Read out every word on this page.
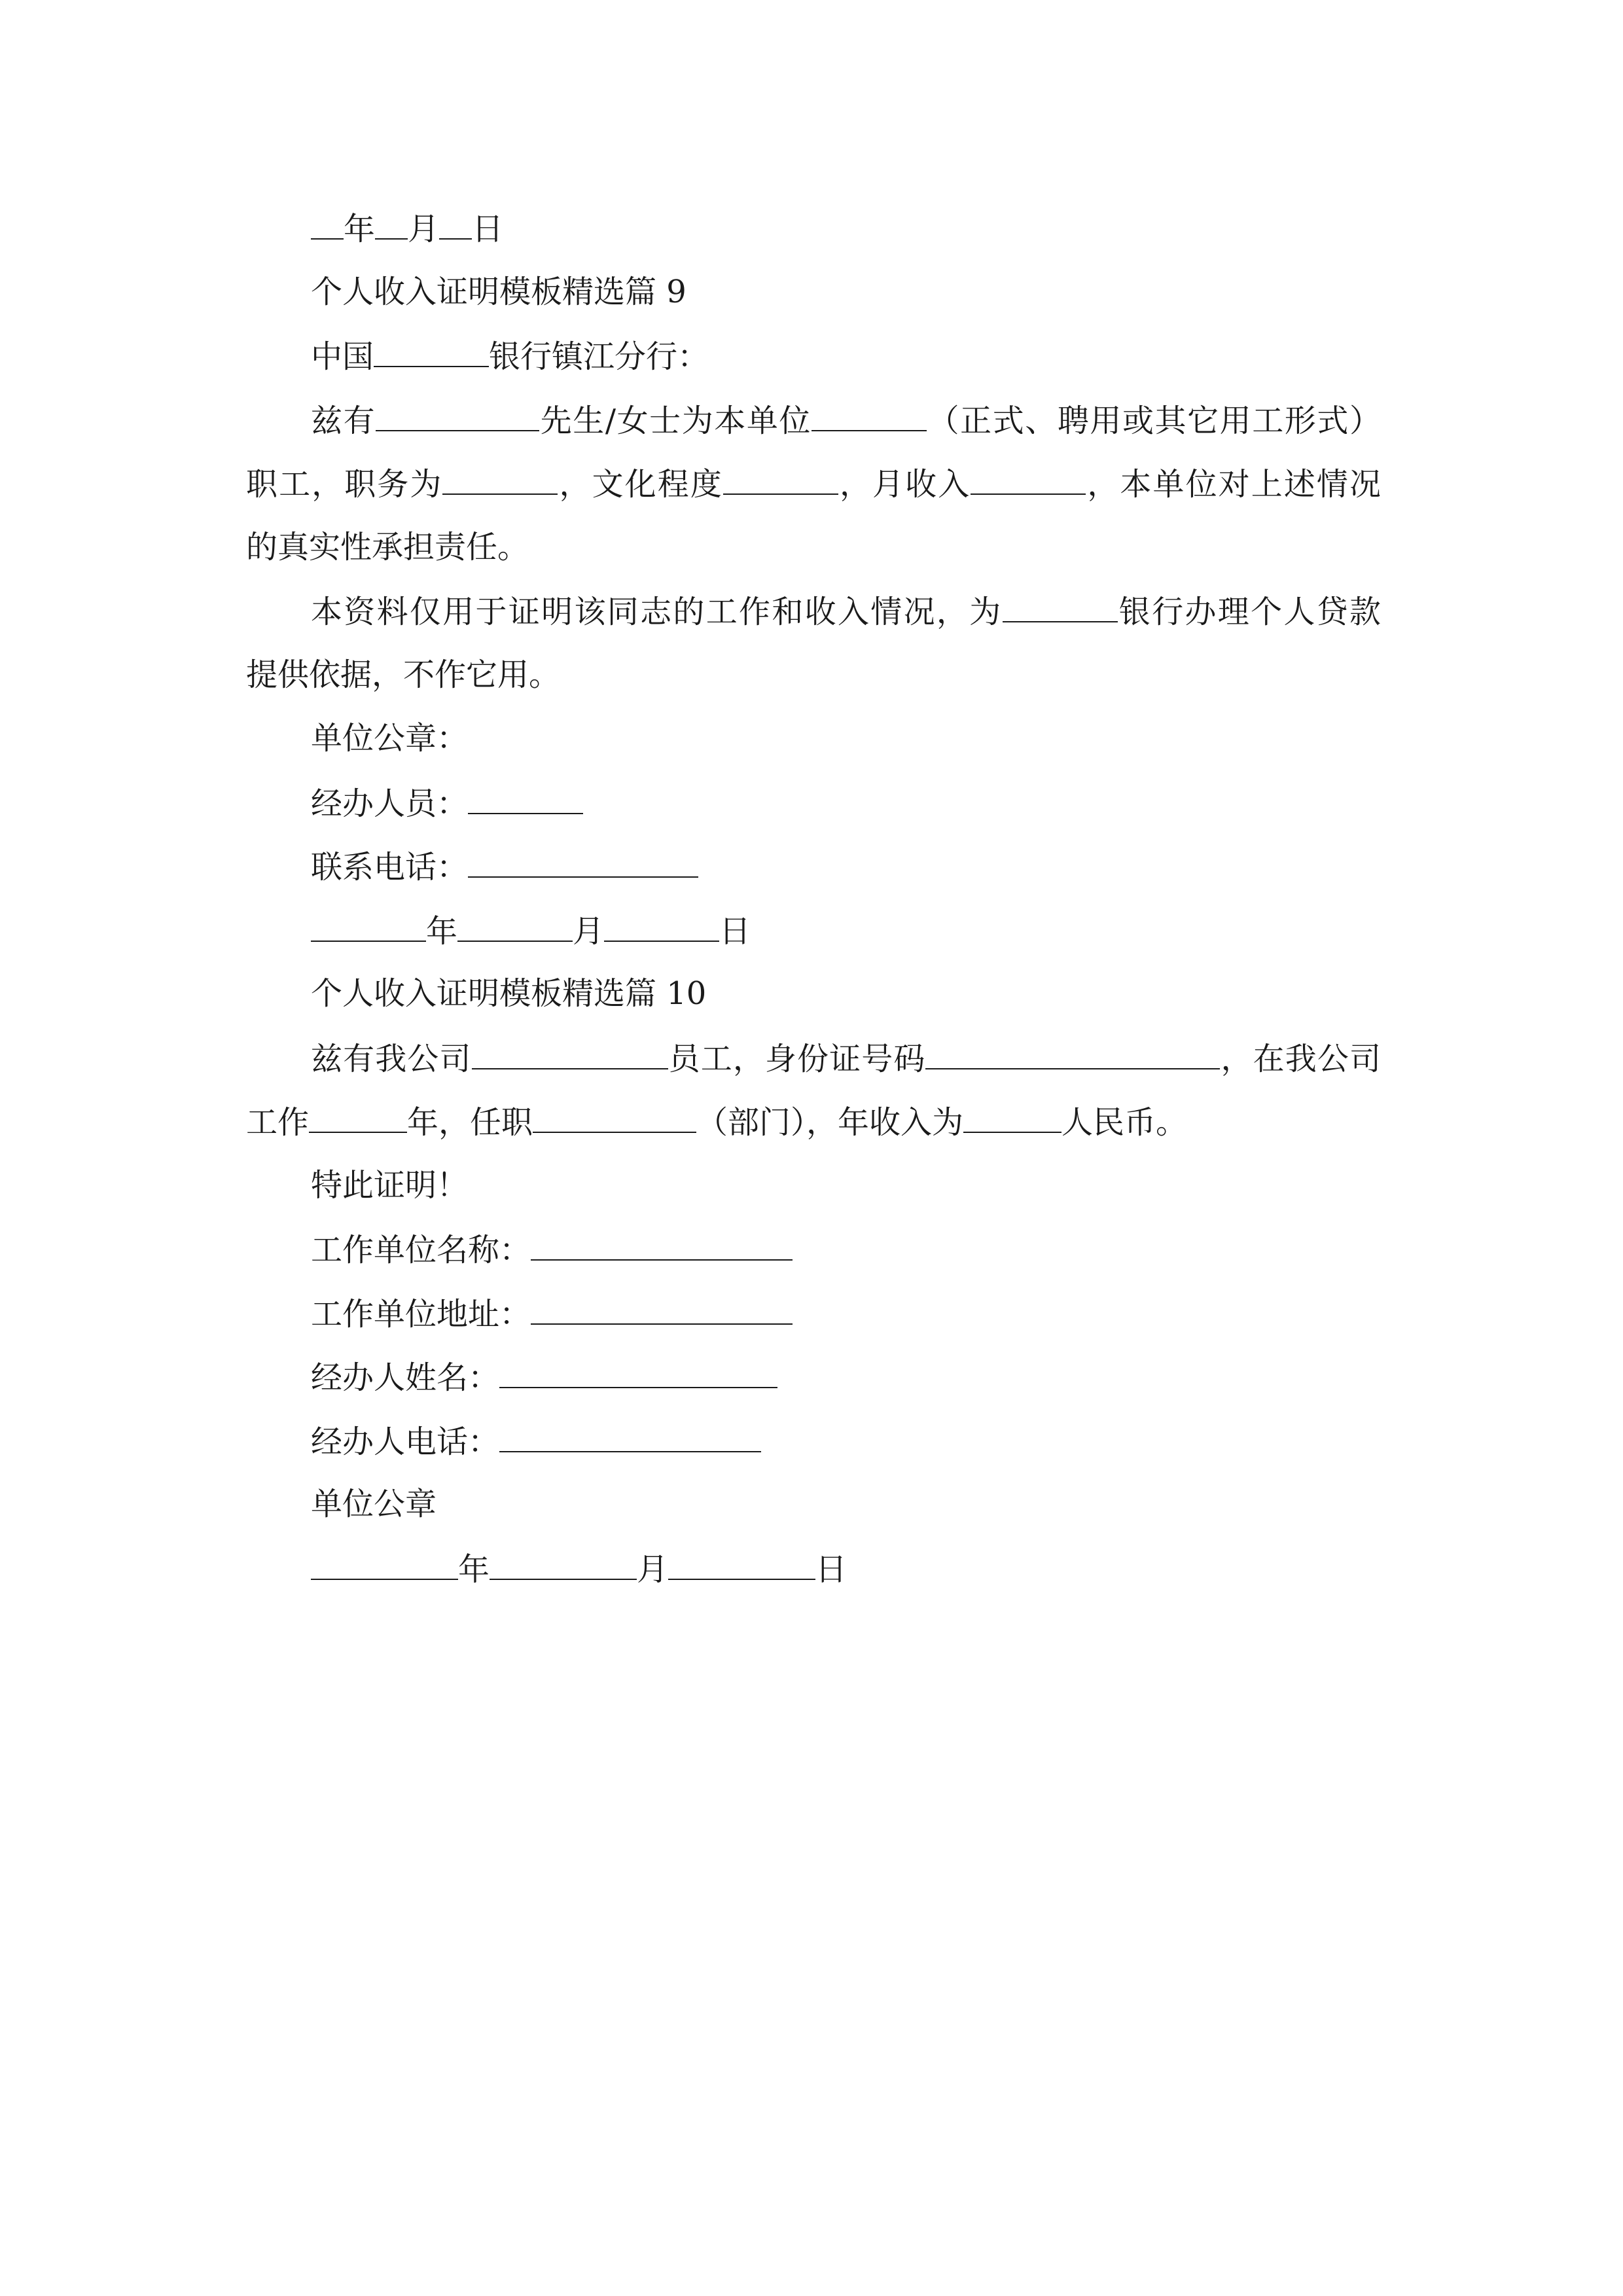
年 月 日
个人收入证明模板精选篇 9
中国	银行镇江分行：
兹有	先生/女士为本单位	（正式、聘用或其它用工形式）
职工，职务为	，文化程度	，月收入	，本单位对上述情况
的真实性承担责任。
本资料仅用于证明该同志的工作和收入情况，为	银行办理个人贷款
提供依据，不作它用。
单位公章：
经办人员：
联系电话：
年	月	日
个人收入证明模板精选篇 10
兹有我公司	员工，身份证号码	，在我公司
工作	年，任职	（部门），年收入为	人民币。
特此证明！
工作单位名称：
工作单位地址：
经办人姓名：
经办人电话：
单位公章
年	月	日
